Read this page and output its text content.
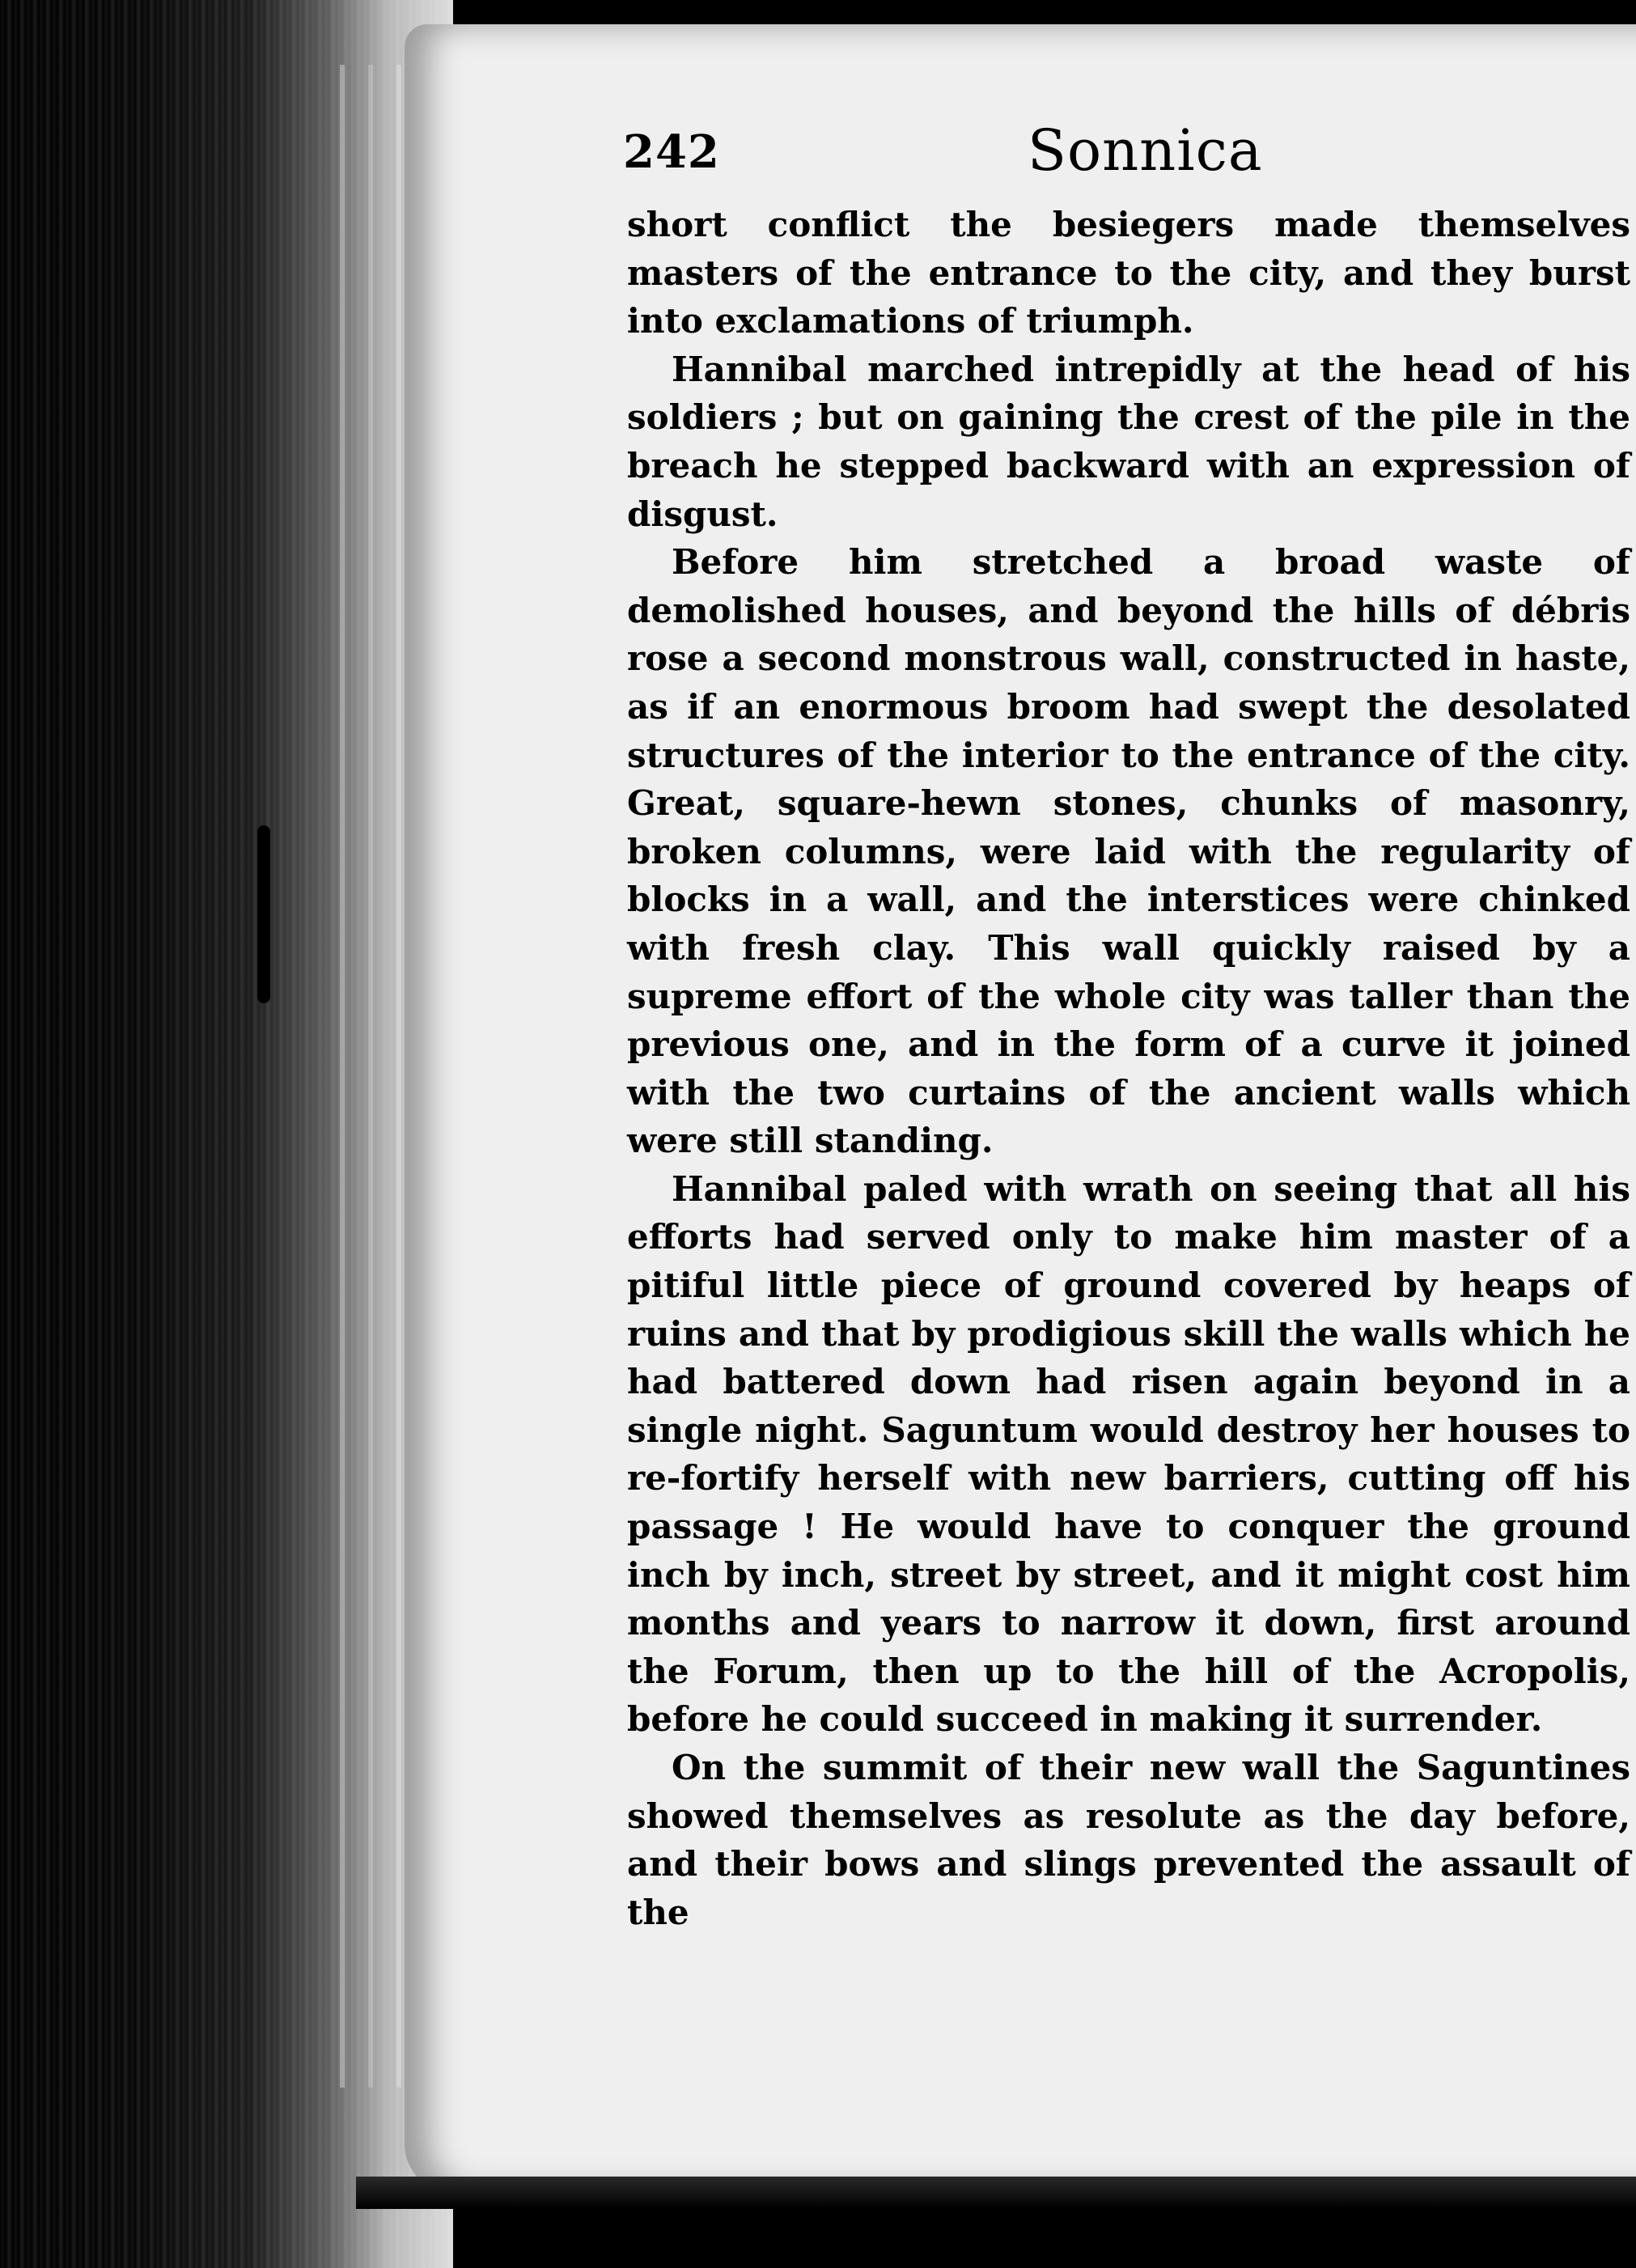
242	Sonnica

short conflict the besiegers made themselves masters of the entrance to the city, and they burst into exclamations of triumph.

Hannibal marched intrepidly at the head of his soldiers ; but on gaining the crest of the pile in the breach he stepped backward with an expression of disgust.

Before him stretched a broad waste of demolished houses, and beyond the hills of débris rose a second monstrous wall, constructed in haste, as if an enormous broom had swept the desolated structures of the interior to the entrance of the city. Great, square-hewn stones, chunks of masonry, broken columns, were laid with the regularity of blocks in a wall, and the interstices were chinked with fresh clay. This wall quickly raised by a supreme effort of the whole city was taller than the previous one, and in the form of a curve it joined with the two curtains of the ancient walls which were still standing.

Hannibal paled with wrath on seeing that all his efforts had served only to make him master of a pitiful little piece of ground covered by heaps of ruins and that by prodigious skill the walls which he had battered down had risen again beyond in a single night. Saguntum would destroy her houses to re-fortify herself with new barriers, cutting off his passage ! He would have to conquer the ground inch by inch, street by street, and it might cost him months and years to narrow it down, first around the Forum, then up to the hill of the Acropolis, before he could succeed in making it surrender.

On the summit of their new wall the Saguntines showed themselves as resolute as the day before, and their bows and slings prevented the assault of the
